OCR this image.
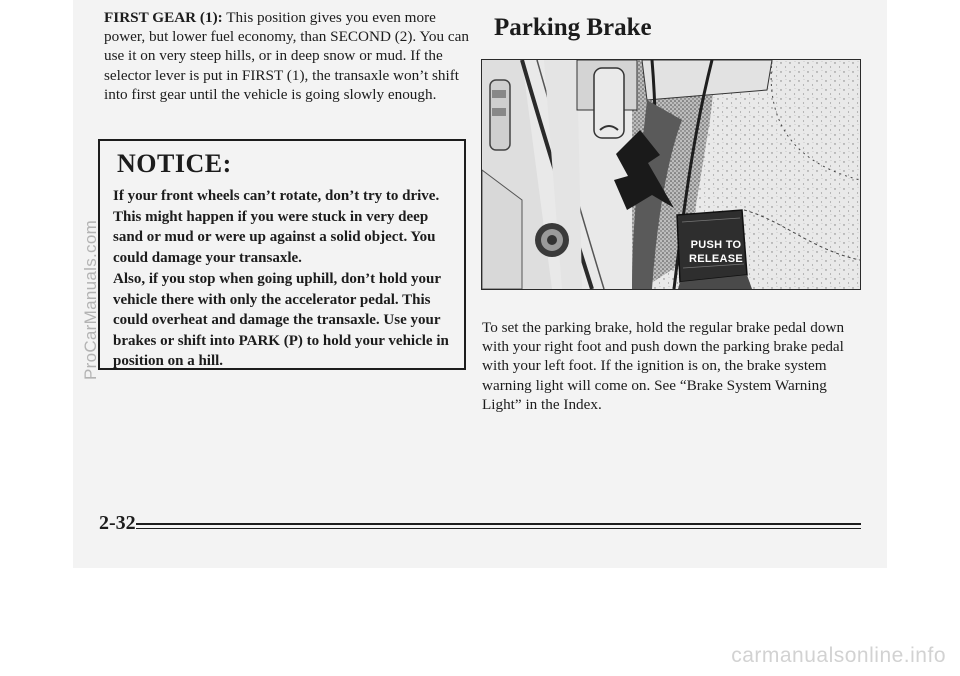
FIRST GEAR (1): This position gives you even more power, but lower fuel economy, than SECOND (2). You can use it on very steep hills, or in deep snow or mud. If the selector lever is put in FIRST (1), the transaxle won’t shift into first gear until the vehicle is going slowly enough.

NOTICE:

If your front wheels can’t rotate, don’t try to drive. This might happen if you were stuck in very deep sand or mud or were up against a solid object. You could damage your transaxle.

Also, if you stop when going uphill, don’t hold your vehicle there with only the accelerator pedal. This could overheat and damage the transaxle. Use your brakes or shift into PARK (P) to hold your vehicle in position on a hill.

Parking Brake
PUSH TO
RELEASE

To set the parking brake, hold the regular brake pedal down with your right foot and push down the parking brake pedal with your left foot. If the ignition is on, the brake system warning light will come on. See “Brake System Warning Light” in the Index.

2-32

ProCarManuals.com
carmanualsonline.info
